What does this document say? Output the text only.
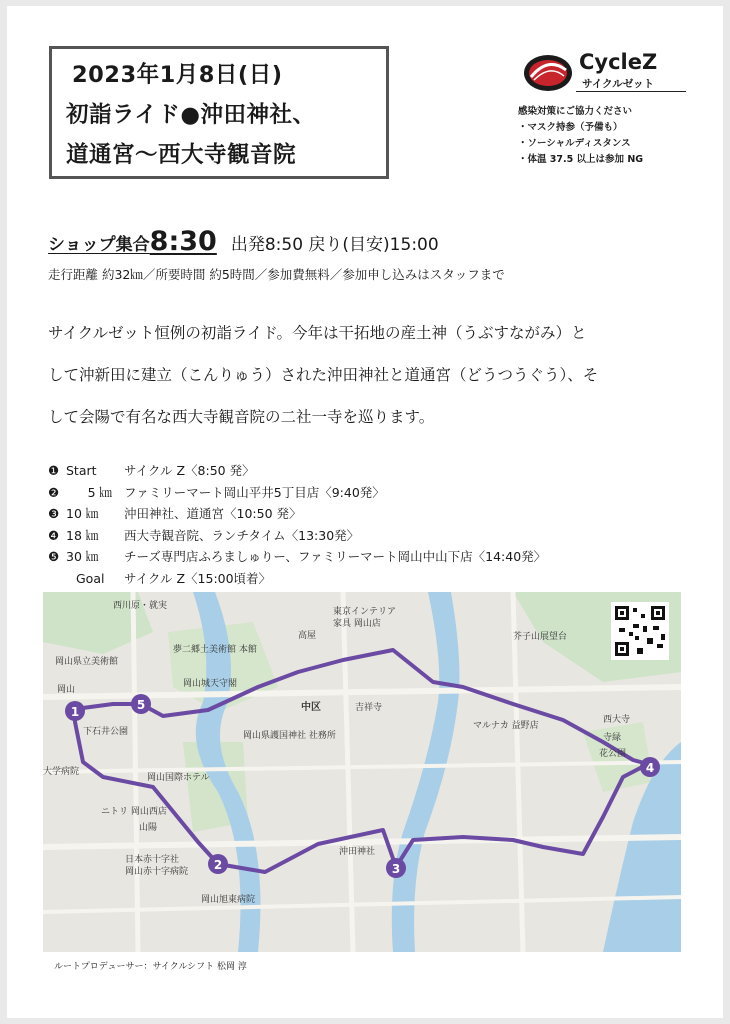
2023年1月8日(日)
初詣ライド●沖田神社、
道通宮〜西大寺観音院
CycleZ
サイクルゼット
感染対策にご協力ください
・マスク持参（予備も）
・ソーシャルディスタンス
・体温 37.5 以上は参加 NG
ショップ集合8:30 出発8:50 戻り(目安)15:00
走行距離 約32㎞／所要時間 約5時間／参加費無料／参加申し込みはスタッフまで
サイクルゼット恒例の初詣ライド。今年は干拓地の産土神（うぶすながみ）と
して沖新田に建立（こんりゅう）された沖田神社と道通宮（どうつうぐう）、そ
して会陽で有名な西大寺観音院の二社一寺を巡ります。
❶ Start	サイクル Z〈8:50 発〉
❷	5 ㎞ ファミリーマート岡山平井5丁目店〈9:40発〉
❸ 10 ㎞	沖田神社、道通宮〈10:50 発〉
❹ 18 ㎞	西大寺観音院、ランチタイム〈13:30発〉
❺ 30 ㎞	チーズ専門店ふろましゅりー、ファミリーマート岡山中山下店〈14:40発〉
Goal	サイクル Z〈15:00頃着〉
1	5
2	3
4
東京インテリア
家具 岡山店
芥子山展望台
夢二郷土美術館 本館
岡山県立美術館
岡山城天守閣
中区	吉祥寺
岡山県護国神社 社務所
マルナカ 益野店
西大寺
岡山国際ホテル
沖田神社
日本赤十字社
岡山赤十字病院
岡山旭東病院
下石井公園
岡山
高屋
大学病院
ニトリ 岡山西店
山陽
西川原・就実
花公園
寺緑
ルートプロデューサー：サイクルシフト 松岡 淳
